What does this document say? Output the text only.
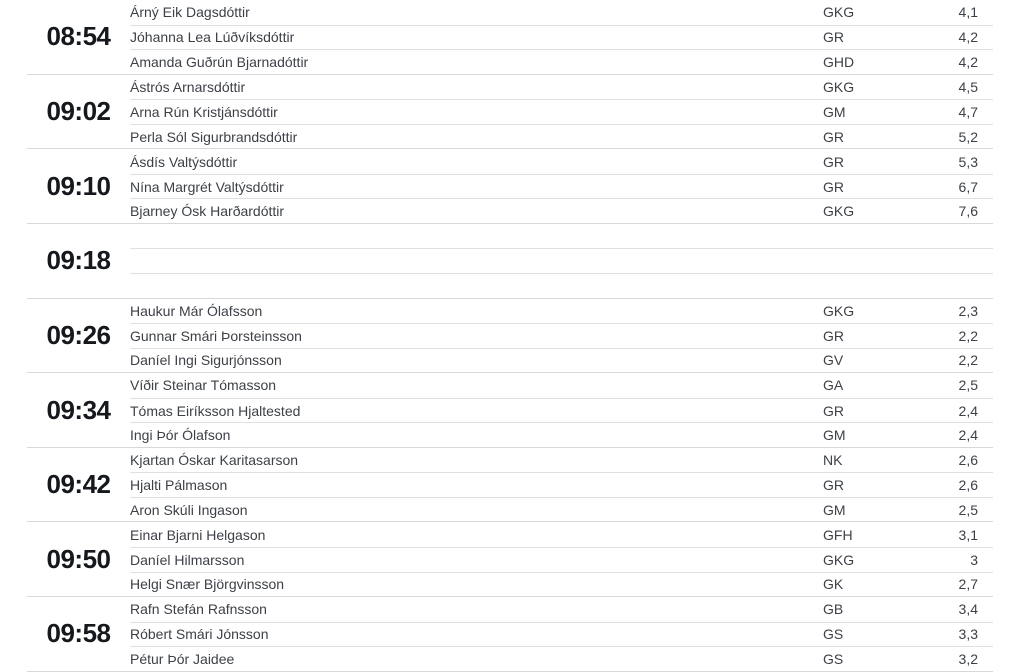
08:54
Árný Eik Dagsdóttir	GKG	4,1
Jóhanna Lea Lúðvíksdóttir	GR	4,2
Amanda Guðrún Bjarnadóttir	GHD	4,2
09:02
Ástrós Arnarsdóttir	GKG	4,5
Arna Rún Kristjánsdóttir	GM	4,7
Perla Sól Sigurbrandsdóttir	GR	5,2
09:10
Ásdís Valtýsdóttir	GR	5,3
Nína Margrét Valtýsdóttir	GR	6,7
Bjarney Ósk Harðardóttir	GKG	7,6
09:18
09:26
Haukur Már Ólafsson	GKG	2,3
Gunnar Smári Þorsteinsson	GR	2,2
Daníel Ingi Sigurjónsson	GV	2,2
09:34
Víðir Steinar Tómasson	GA	2,5
Tómas Eiríksson Hjaltested	GR	2,4
Ingi Þór Ólafson	GM	2,4
09:42
Kjartan Óskar Karitasarson	NK	2,6
Hjalti Pálmason	GR	2,6
Aron Skúli Ingason	GM	2,5
09:50
Einar Bjarni Helgason	GFH	3,1
Daníel Hilmarsson	GKG	3
Helgi Snær Björgvinsson	GK	2,7
09:58
Rafn Stefán Rafnsson	GB	3,4
Róbert Smári Jónsson	GS	3,3
Pétur Þór Jaidee	GS	3,2
